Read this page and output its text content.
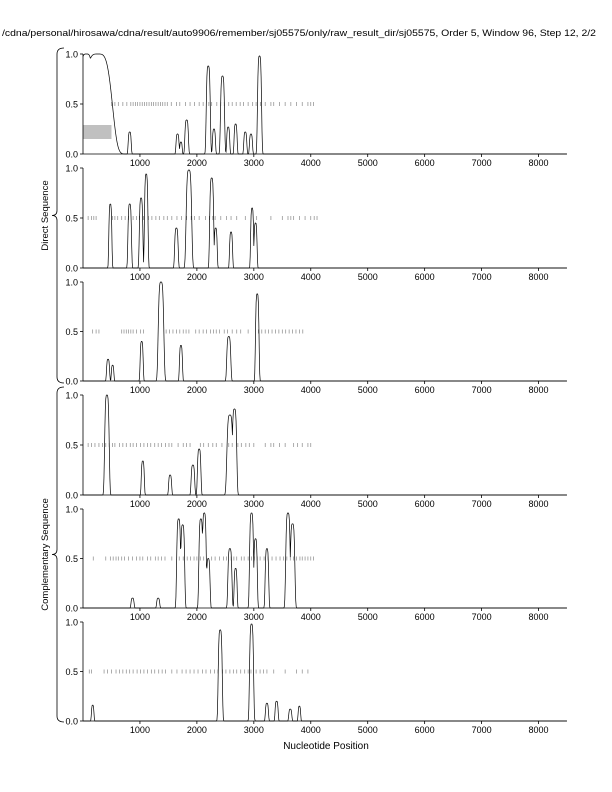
/cdna/personal/hirosawa/cdna/result/auto9906/remember/sj05575/only/raw_result_dir/sj05575, Order 5, Window 96, Step 12, 2/2
0.0
0.5
1.0
1000	2000	3000	4000	5000	6000	7000	8000
0.0
0.5
1.0
1000	2000	3000	4000	5000	6000	7000	8000
0.0
0.5
1.0
1000	2000	3000	4000	5000	6000	7000	8000
0.0
0.5
1.0
1000	2000	3000	4000	5000	6000	7000	8000
0.0
0.5
1.0
1000	2000	3000	4000	5000	6000	7000	8000
0.0
0.5
1.0
1000	2000	3000	4000	5000	6000	7000	8000
Direct Sequence
Complementary Sequence
Nucleotide Position
